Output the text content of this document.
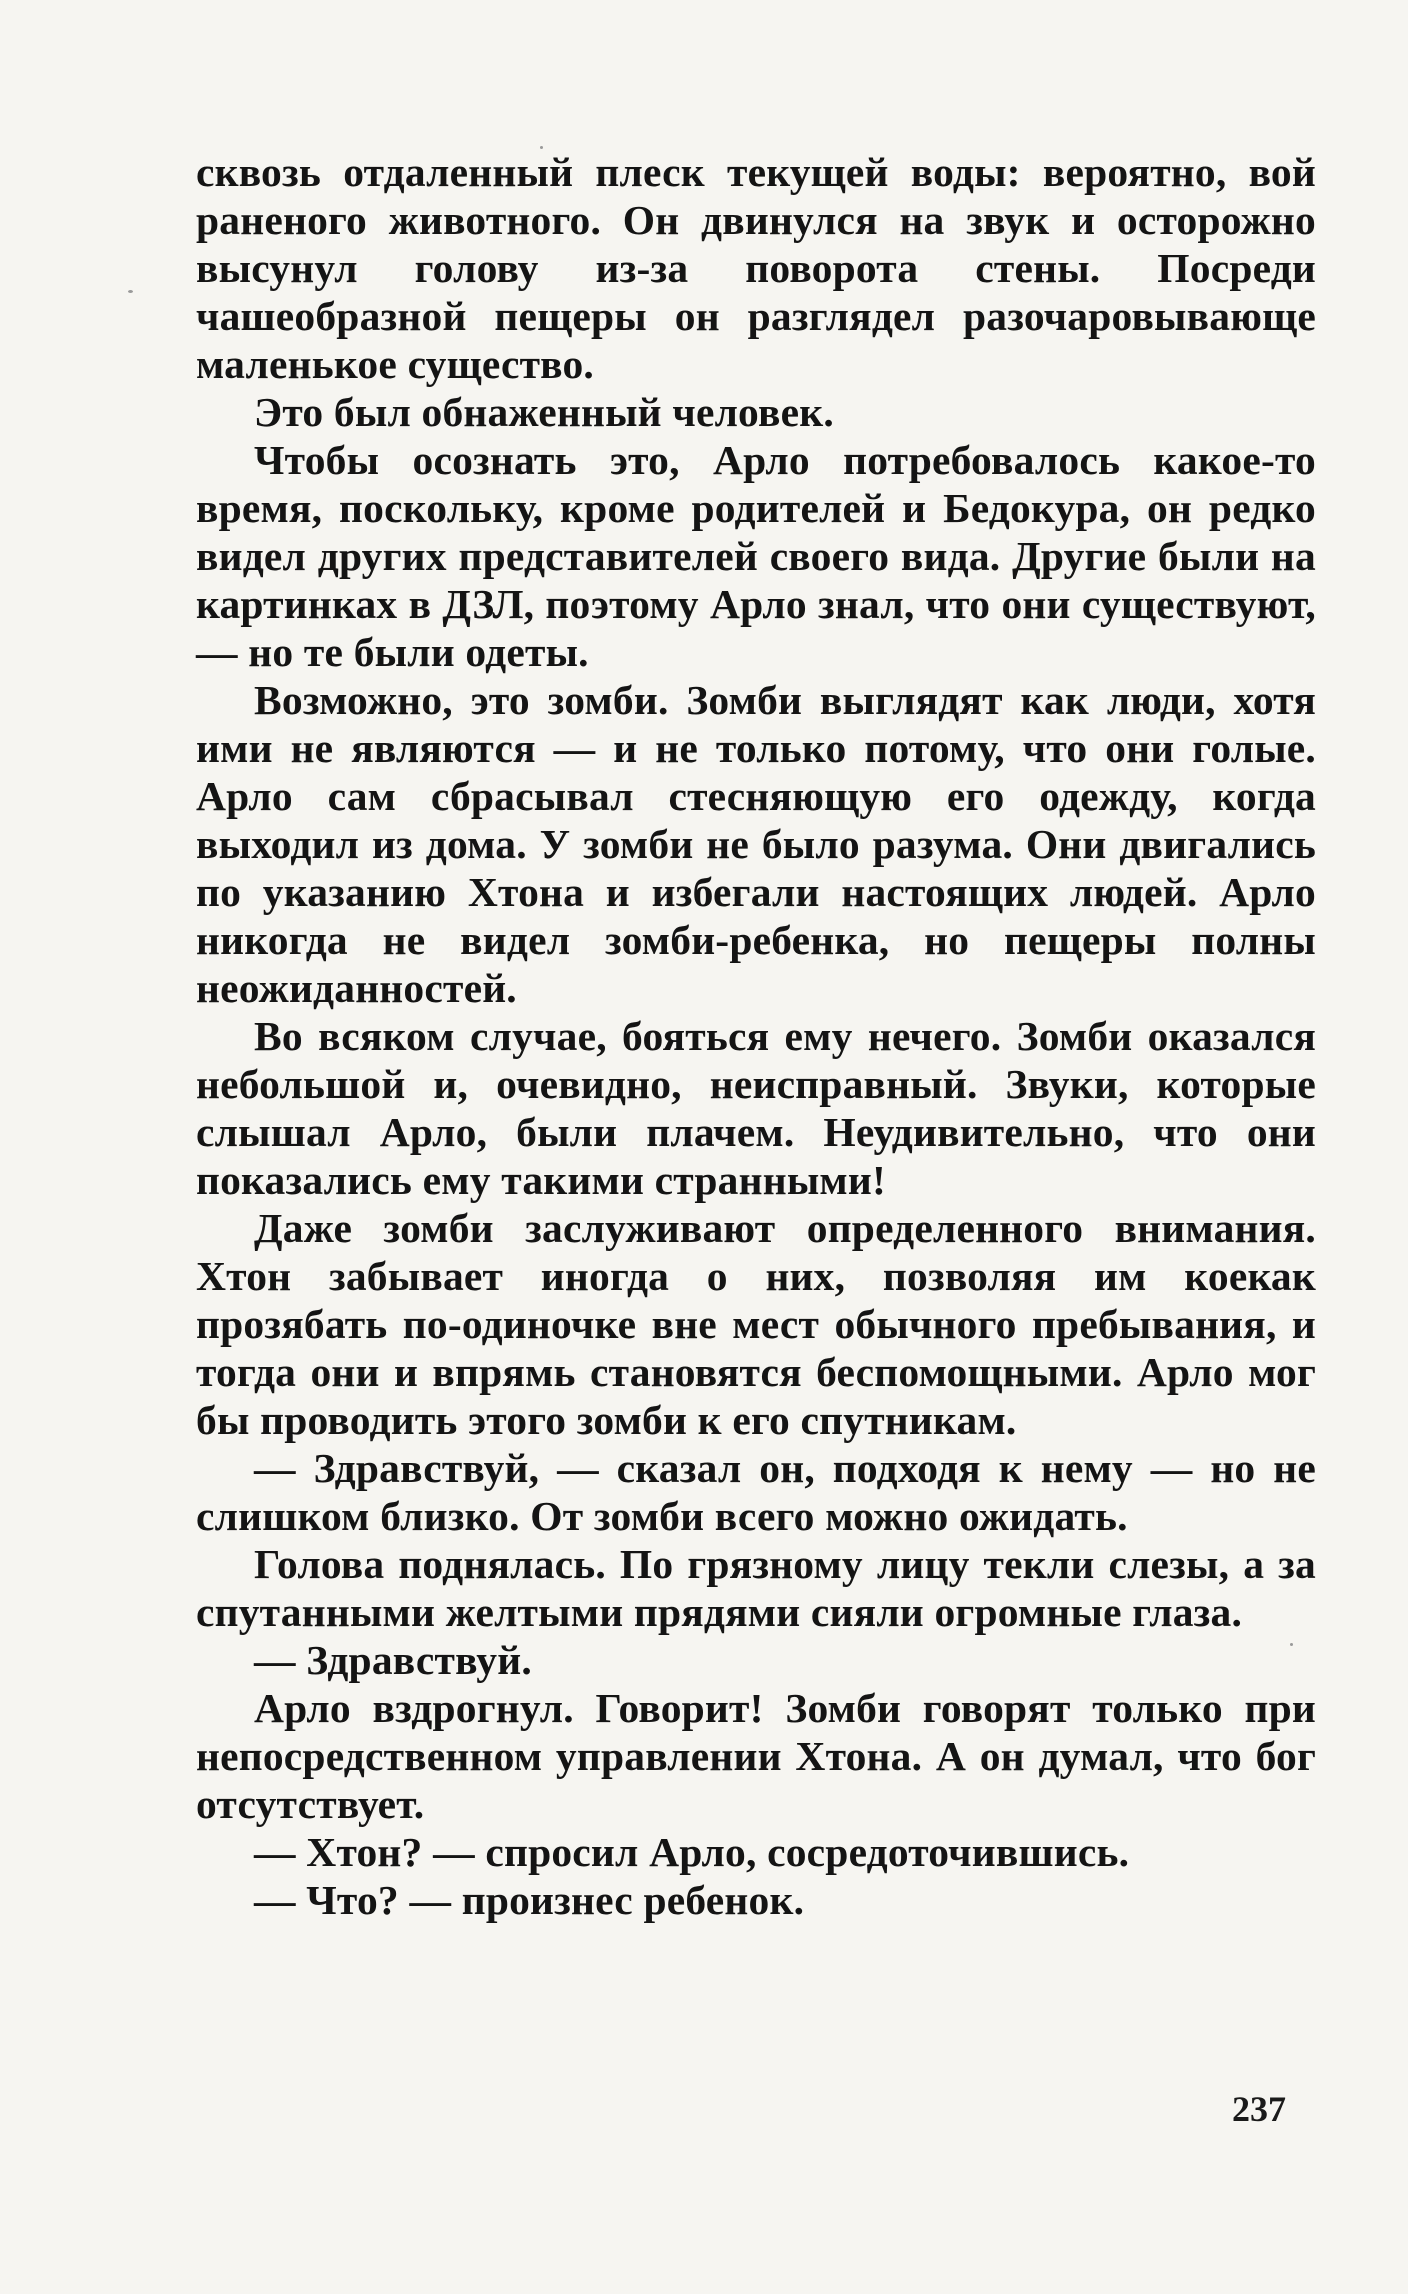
сквозь отдаленный плеск текущей воды: вероятно, вой раненого животного. Он двинулся на звук и осторожно высунул голову из-за поворота стены. Посреди чашеобразной пещеры он разглядел разочаровывающе маленькое существо.

Это был обнаженный человек.

Чтобы осознать это, Арло потребовалось какое-то время, поскольку, кроме родителей и Бедокура, он редко видел других представителей своего вида. Другие были на картинках в ДЗЛ, поэтому Арло знал, что они существуют, — но те были одеты.

Возможно, это зомби. Зомби выглядят как люди, хотя ими не являются — и не только потому, что они голые. Арло сам сбрасывал стесняющую его одежду, когда выходил из дома. У зомби не было разума. Они двигались по указанию Хтона и избегали настоящих людей. Арло никогда не видел зомби-ребенка, но пещеры полны неожиданностей.

Во всяком случае, бояться ему нечего. Зомби оказался небольшой и, очевидно, неисправный. Звуки, которые слышал Арло, были плачем. Неудивительно, что они показались ему такими странными!

Даже зомби заслуживают определенного внимания. Хтон забывает иногда о них, позволяя им коекак прозябать по-одиночке вне мест обычного пребывания, и тогда они и впрямь становятся беспомощными. Арло мог бы проводить этого зомби к его спутникам.

— Здравствуй, — сказал он, подходя к нему — но не слишком близко. От зомби всего можно ожидать.

Голова поднялась. По грязному лицу текли слезы, а за спутанными желтыми прядями сияли огромные глаза.

— Здравствуй.

Арло вздрогнул. Говорит! Зомби говорят только при непосредственном управлении Хтона. А он думал, что бог отсутствует.

— Хтон? — спросил Арло, сосредоточившись.

— Что? — произнес ребенок.

237
